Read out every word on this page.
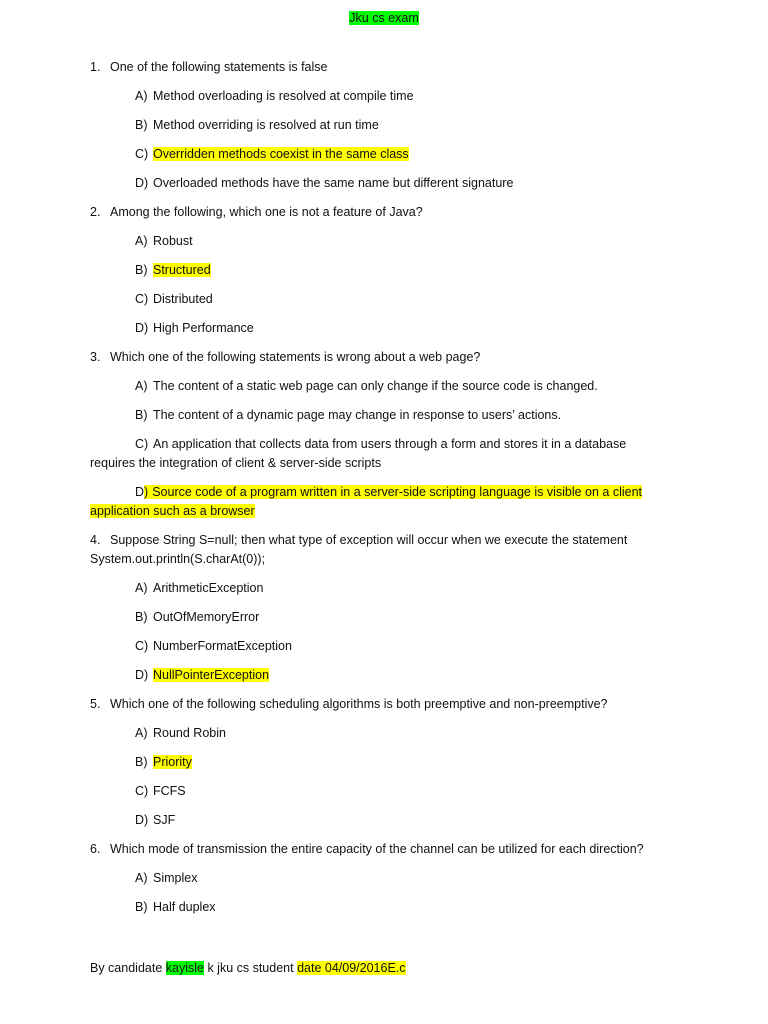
Jku cs exam
1. One of the following statements is false
A) Method overloading is resolved at compile time
B) Method overriding is resolved at run time
C) Overridden methods coexist in the same class
D) Overloaded methods have the same name but different signature
2. Among the following, which one is not a feature of Java?
A) Robust
B) Structured
C) Distributed
D) High Performance
3. Which one of the following statements is wrong about a web page?
A) The content of a static web page can only change if the source code is changed.
B) The content of a dynamic page may change in response to users’ actions.
C) An application that collects data from users through a form and stores it in a database
requires the integration of client & server-side scripts
D) Source code of a program written in a server-side scripting language is visible on a client
application such as a browser
4. Suppose String S=null; then what type of exception will occur when we execute the statement
System.out.println(S.charAt(0));
A) ArithmeticException
B) OutOfMemoryError
C) NumberFormatException
D) NullPointerException
5. Which one of the following scheduling algorithms is both preemptive and non-preemptive?
A) Round Robin
B) Priority
C) FCFS
D) SJF
6. Which mode of transmission the entire capacity of the channel can be utilized for each direction?
A) Simplex
B) Half duplex
By candidate kayisle k jku cs student date 04/09/2016E.c
